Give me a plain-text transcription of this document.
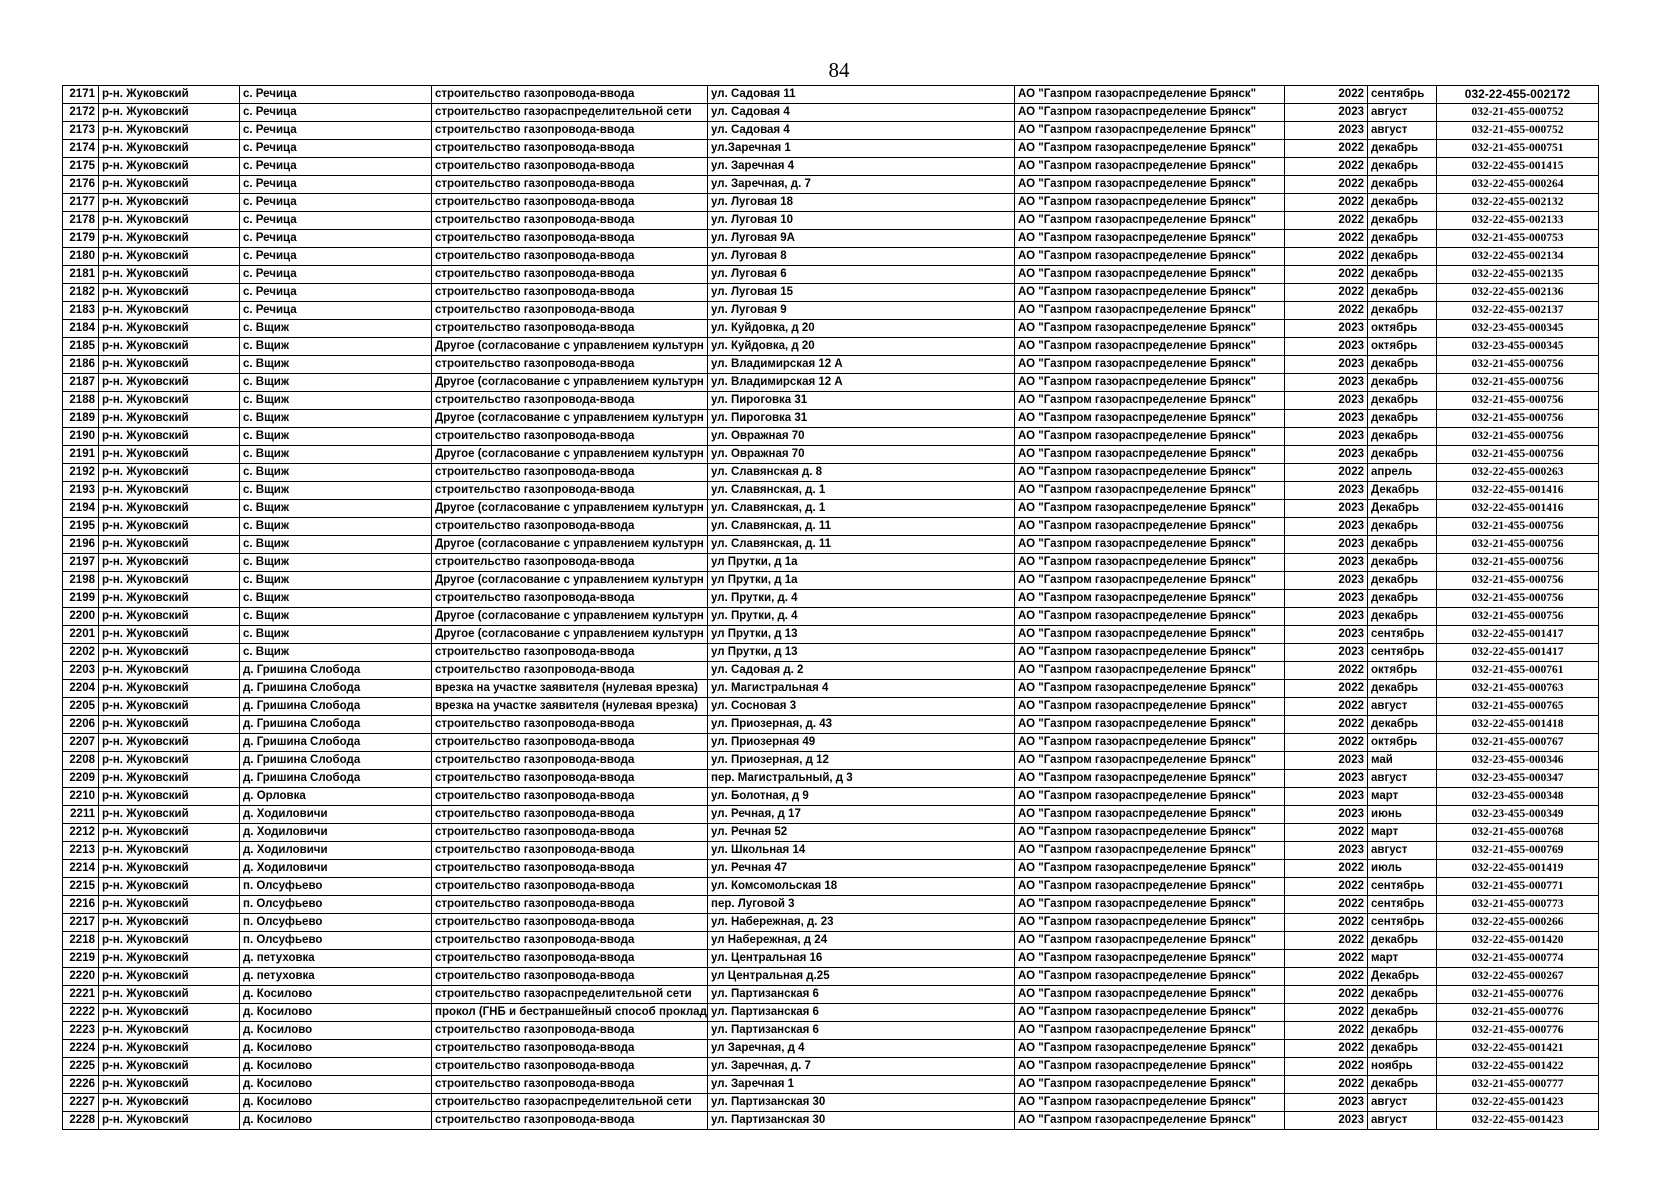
84
2171	р-н. Жуковский	с. Речица	строительство газопровода-ввода	ул. Садовая 11	АО "Газпром газораспределение Брянск"	2022	сентябрь	032-22-455-002172
2172	р-н. Жуковский	с. Речица	строительство газораспределительной сети	ул. Садовая 4	АО "Газпром газораспределение Брянск"	2023	август	032-21-455-000752
2173	р-н. Жуковский	с. Речица	строительство газопровода-ввода	ул. Садовая 4	АО "Газпром газораспределение Брянск"	2023	август	032-21-455-000752
2174	р-н. Жуковский	с. Речица	строительство газопровода-ввода	ул.Заречная 1	АО "Газпром газораспределение Брянск"	2022	декабрь	032-21-455-000751
2175	р-н. Жуковский	с. Речица	строительство газопровода-ввода	ул. Заречная 4	АО "Газпром газораспределение Брянск"	2022	декабрь	032-22-455-001415
2176	р-н. Жуковский	с. Речица	строительство газопровода-ввода	ул. Заречная, д. 7	АО "Газпром газораспределение Брянск"	2022	декабрь	032-22-455-000264
2177	р-н. Жуковский	с. Речица	строительство газопровода-ввода	ул. Луговая 18	АО "Газпром газораспределение Брянск"	2022	декабрь	032-22-455-002132
2178	р-н. Жуковский	с. Речица	строительство газопровода-ввода	ул. Луговая 10	АО "Газпром газораспределение Брянск"	2022	декабрь	032-22-455-002133
2179	р-н. Жуковский	с. Речица	строительство газопровода-ввода	ул. Луговая 9А	АО "Газпром газораспределение Брянск"	2022	декабрь	032-21-455-000753
2180	р-н. Жуковский	с. Речица	строительство газопровода-ввода	ул. Луговая 8	АО "Газпром газораспределение Брянск"	2022	декабрь	032-22-455-002134
2181	р-н. Жуковский	с. Речица	строительство газопровода-ввода	ул. Луговая 6	АО "Газпром газораспределение Брянск"	2022	декабрь	032-22-455-002135
2182	р-н. Жуковский	с. Речица	строительство газопровода-ввода	ул. Луговая 15	АО "Газпром газораспределение Брянск"	2022	декабрь	032-22-455-002136
2183	р-н. Жуковский	с. Речица	строительство газопровода-ввода	ул. Луговая 9	АО "Газпром газораспределение Брянск"	2022	декабрь	032-22-455-002137
2184	р-н. Жуковский	с. Вщиж	строительство газопровода-ввода	ул. Куйдовка, д 20	АО "Газпром газораспределение Брянск"	2023	октябрь	032-23-455-000345
2185	р-н. Жуковский	с. Вщиж	Другое (согласование с управлением культурн	ул. Куйдовка, д 20	АО "Газпром газораспределение Брянск"	2023	октябрь	032-23-455-000345
2186	р-н. Жуковский	с. Вщиж	строительство газопровода-ввода	ул. Владимирская 12 А	АО "Газпром газораспределение Брянск"	2023	декабрь	032-21-455-000756
2187	р-н. Жуковский	с. Вщиж	Другое (согласование с управлением культурн	ул. Владимирская 12 А	АО "Газпром газораспределение Брянск"	2023	декабрь	032-21-455-000756
2188	р-н. Жуковский	с. Вщиж	строительство газопровода-ввода	ул. Пироговка 31	АО "Газпром газораспределение Брянск"	2023	декабрь	032-21-455-000756
2189	р-н. Жуковский	с. Вщиж	Другое (согласование с управлением культурн	ул. Пироговка 31	АО "Газпром газораспределение Брянск"	2023	декабрь	032-21-455-000756
2190	р-н. Жуковский	с. Вщиж	строительство газопровода-ввода	ул. Овражная 70	АО "Газпром газораспределение Брянск"	2023	декабрь	032-21-455-000756
2191	р-н. Жуковский	с. Вщиж	Другое (согласование с управлением культурн	ул. Овражная 70	АО "Газпром газораспределение Брянск"	2023	декабрь	032-21-455-000756
2192	р-н. Жуковский	с. Вщиж	строительство газопровода-ввода	ул. Славянская д. 8	АО "Газпром газораспределение Брянск"	2022	апрель	032-22-455-000263
2193	р-н. Жуковский	с. Вщиж	строительство газопровода-ввода	ул. Славянская, д. 1	АО "Газпром газораспределение Брянск"	2023	Декабрь	032-22-455-001416
2194	р-н. Жуковский	с. Вщиж	Другое (согласование с управлением культурн	ул. Славянская, д. 1	АО "Газпром газораспределение Брянск"	2023	Декабрь	032-22-455-001416
2195	р-н. Жуковский	с. Вщиж	строительство газопровода-ввода	ул. Славянская, д. 11	АО "Газпром газораспределение Брянск"	2023	декабрь	032-21-455-000756
2196	р-н. Жуковский	с. Вщиж	Другое (согласование с управлением культурн	ул. Славянская, д. 11	АО "Газпром газораспределение Брянск"	2023	декабрь	032-21-455-000756
2197	р-н. Жуковский	с. Вщиж	строительство газопровода-ввода	ул Прутки, д 1а	АО "Газпром газораспределение Брянск"	2023	декабрь	032-21-455-000756
2198	р-н. Жуковский	с. Вщиж	Другое (согласование с управлением культурн	ул Прутки, д 1а	АО "Газпром газораспределение Брянск"	2023	декабрь	032-21-455-000756
2199	р-н. Жуковский	с. Вщиж	строительство газопровода-ввода	ул. Прутки, д. 4	АО "Газпром газораспределение Брянск"	2023	декабрь	032-21-455-000756
2200	р-н. Жуковский	с. Вщиж	Другое (согласование с управлением культурн	ул. Прутки, д. 4	АО "Газпром газораспределение Брянск"	2023	декабрь	032-21-455-000756
2201	р-н. Жуковский	с. Вщиж	Другое (согласование с управлением культурн	ул Прутки, д 13	АО "Газпром газораспределение Брянск"	2023	сентябрь	032-22-455-001417
2202	р-н. Жуковский	с. Вщиж	строительство газопровода-ввода	ул Прутки, д 13	АО "Газпром газораспределение Брянск"	2023	сентябрь	032-22-455-001417
2203	р-н. Жуковский	д. Гришина Слобода	строительство газопровода-ввода	ул. Садовая д. 2	АО "Газпром газораспределение Брянск"	2022	октябрь	032-21-455-000761
2204	р-н. Жуковский	д. Гришина Слобода	врезка на участке заявителя (нулевая врезка)	ул. Магистральная 4	АО "Газпром газораспределение Брянск"	2022	декабрь	032-21-455-000763
2205	р-н. Жуковский	д. Гришина Слобода	врезка на участке заявителя (нулевая врезка)	ул. Сосновая 3	АО "Газпром газораспределение Брянск"	2022	август	032-21-455-000765
2206	р-н. Жуковский	д. Гришина Слобода	строительство газопровода-ввода	ул. Приозерная, д. 43	АО "Газпром газораспределение Брянск"	2022	декабрь	032-22-455-001418
2207	р-н. Жуковский	д. Гришина Слобода	строительство газопровода-ввода	ул. Приозерная 49	АО "Газпром газораспределение Брянск"	2022	октябрь	032-21-455-000767
2208	р-н. Жуковский	д. Гришина Слобода	строительство газопровода-ввода	ул. Приозерная, д 12	АО "Газпром газораспределение Брянск"	2023	май	032-23-455-000346
2209	р-н. Жуковский	д. Гришина Слобода	строительство газопровода-ввода	пер. Магистральный, д 3	АО "Газпром газораспределение Брянск"	2023	август	032-23-455-000347
2210	р-н. Жуковский	д. Орловка	строительство газопровода-ввода	ул. Болотная, д 9	АО "Газпром газораспределение Брянск"	2023	март	032-23-455-000348
2211	р-н. Жуковский	д. Ходиловичи	строительство газопровода-ввода	ул. Речная, д 17	АО "Газпром газораспределение Брянск"	2023	июнь	032-23-455-000349
2212	р-н. Жуковский	д. Ходиловичи	строительство газопровода-ввода	ул. Речная 52	АО "Газпром газораспределение Брянск"	2022	март	032-21-455-000768
2213	р-н. Жуковский	д. Ходиловичи	строительство газопровода-ввода	ул. Школьная 14	АО "Газпром газораспределение Брянск"	2023	август	032-21-455-000769
2214	р-н. Жуковский	д. Ходиловичи	строительство газопровода-ввода	ул. Речная 47	АО "Газпром газораспределение Брянск"	2022	июль	032-22-455-001419
2215	р-н. Жуковский	п. Олсуфьево	строительство газопровода-ввода	ул. Комсомольская 18	АО "Газпром газораспределение Брянск"	2022	сентябрь	032-21-455-000771
2216	р-н. Жуковский	п. Олсуфьево	строительство газопровода-ввода	пер. Луговой 3	АО "Газпром газораспределение Брянск"	2022	сентябрь	032-21-455-000773
2217	р-н. Жуковский	п. Олсуфьево	строительство газопровода-ввода	ул. Набережная, д. 23	АО "Газпром газораспределение Брянск"	2022	сентябрь	032-22-455-000266
2218	р-н. Жуковский	п. Олсуфьево	строительство газопровода-ввода	ул Набережная, д 24	АО "Газпром газораспределение Брянск"	2022	декабрь	032-22-455-001420
2219	р-н. Жуковский	д. петуховка	строительство газопровода-ввода	ул. Центральная 16	АО "Газпром газораспределение Брянск"	2022	март	032-21-455-000774
2220	р-н. Жуковский	д. петуховка	строительство газопровода-ввода	ул Центральная д.25	АО "Газпром газораспределение Брянск"	2022	Декабрь	032-22-455-000267
2221	р-н. Жуковский	д. Косилово	строительство газораспределительной сети	ул. Партизанская 6	АО "Газпром газораспределение Брянск"	2022	декабрь	032-21-455-000776
2222	р-н. Жуковский	д. Косилово	прокол (ГНБ и бестраншейный способ проклад	ул. Партизанская 6	АО "Газпром газораспределение Брянск"	2022	декабрь	032-21-455-000776
2223	р-н. Жуковский	д. Косилово	строительство газопровода-ввода	ул. Партизанская 6	АО "Газпром газораспределение Брянск"	2022	декабрь	032-21-455-000776
2224	р-н. Жуковский	д. Косилово	строительство газопровода-ввода	ул Заречная, д 4	АО "Газпром газораспределение Брянск"	2022	декабрь	032-22-455-001421
2225	р-н. Жуковский	д. Косилово	строительство газопровода-ввода	ул. Заречная, д. 7	АО "Газпром газораспределение Брянск"	2022	ноябрь	032-22-455-001422
2226	р-н. Жуковский	д. Косилово	строительство газопровода-ввода	ул. Заречная 1	АО "Газпром газораспределение Брянск"	2022	декабрь	032-21-455-000777
2227	р-н. Жуковский	д. Косилово	строительство газораспределительной сети	ул. Партизанская 30	АО "Газпром газораспределение Брянск"	2023	август	032-22-455-001423
2228	р-н. Жуковский	д. Косилово	строительство газопровода-ввода	ул. Партизанская 30	АО "Газпром газораспределение Брянск"	2023	август	032-22-455-001423
